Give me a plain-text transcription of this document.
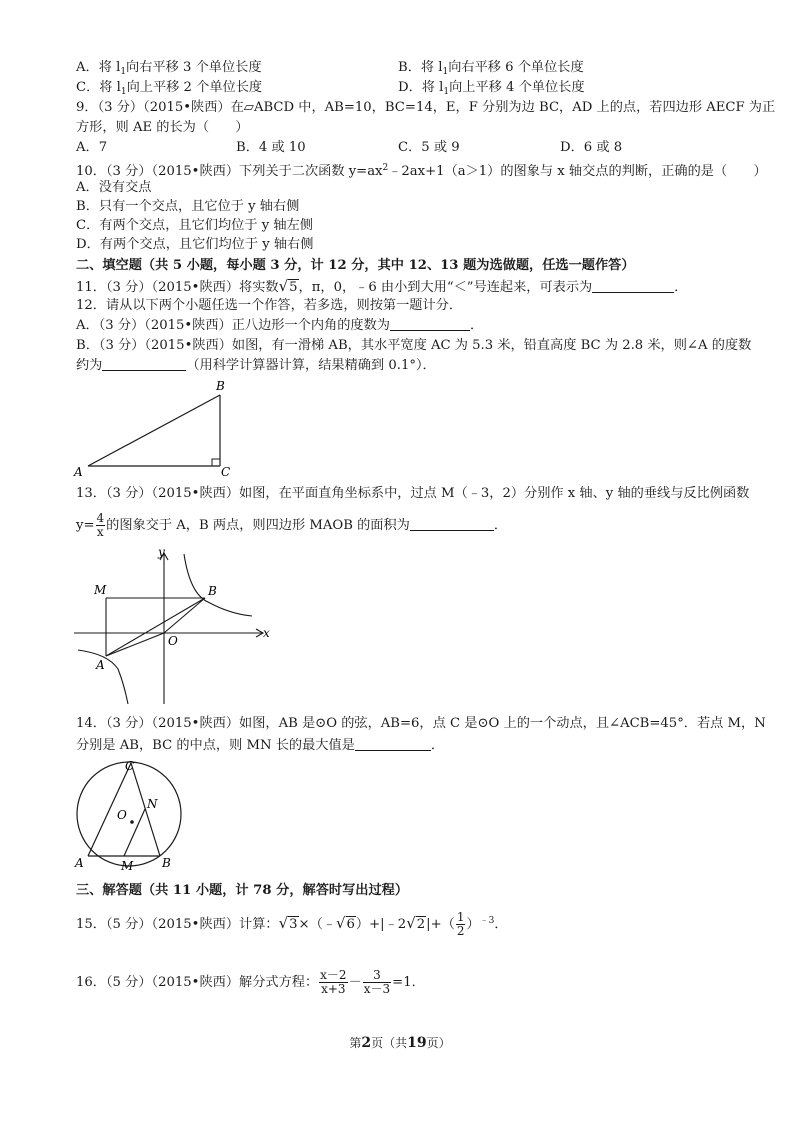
A．将 $l_1$向右平移 3 个单位长度	B．将 $l_1$向右平移 6 个单位长度
C．将 $l_1$向上平移 2 个单位长度	D．将 $l_1$向上平移 4 个单位长度
9．（3 分）（2015•陕西）在▱ABCD 中，AB=10，BC=14，E，F 分别为边 BC，AD 上的点，若四边形 AECF 为正
方形，则 AE 的长为（　　）
A．7	B．4 或 10	C．5 或 9	D．6 或 8
10．（3 分）（2015•陕西）下列关于二次函数 $y=ax^2﹣2ax+1(a>1)$的图象与 x 轴交点的判断，正确的是（　　）
A．没有交点
B．只有一个交点，且它位于 y 轴右侧
C．有两个交点，且它们均位于 y 轴左侧
D．有两个交点，且它们均位于 y 轴右侧
二、填空题（共 5 小题，每小题 3 分，计 12 分，其中 12、13 题为选做题，任选一题作答）
11．（3 分）（2015•陕西）将实数√5，π，0，﹣6 由小到大用“＜”号连起来，可表示为	．
12．请从以下两个小题任选一个作答，若多选，则按第一题计分．
A．（3 分）（2015•陕西）正八边形一个内角的度数为	．
B．（3 分）（2015•陕西）如图，有一滑梯 AB，其水平宽度 AC 为 5.3 米，铅直高度 BC 为 2.8 米，则∠A 的度数
约为	（用科学计算器计算，结果精确到 0.1°）．
A
B
C
13．（3 分）（2015•陕西）如图，在平面直角坐标系中，过点 M（﹣3，2）分别作 x 轴、y 轴的垂线与反比例函数
$y= \frac{4}{x}$ 的图象交于 A，B 两点，则四边形 MAOB 的面积为	．
y
x
M	B
O
A
14．（3 分）（2015•陕西）如图，AB 是⊙O 的弦，AB=6，点 C 是⊙O 上的一个动点，且∠ACB=45°．若点 M，N
分别是 AB，BC 的中点，则 MN 长的最大值是	．
C
O
N
A	M B
三、解答题（共 11 小题，计 78 分，解答时写出过程）
15．（5 分）（2015•陕西）计算：√3×（﹣√6）+|﹣2√2|+（ $\frac{1}{2} )^{﹣3}$．
16．（5 分）（2015•陕西）解分式方程： $\frac{x-2}{x+3} - \frac{3}{x-3} =1$．
第2页（共19页）
